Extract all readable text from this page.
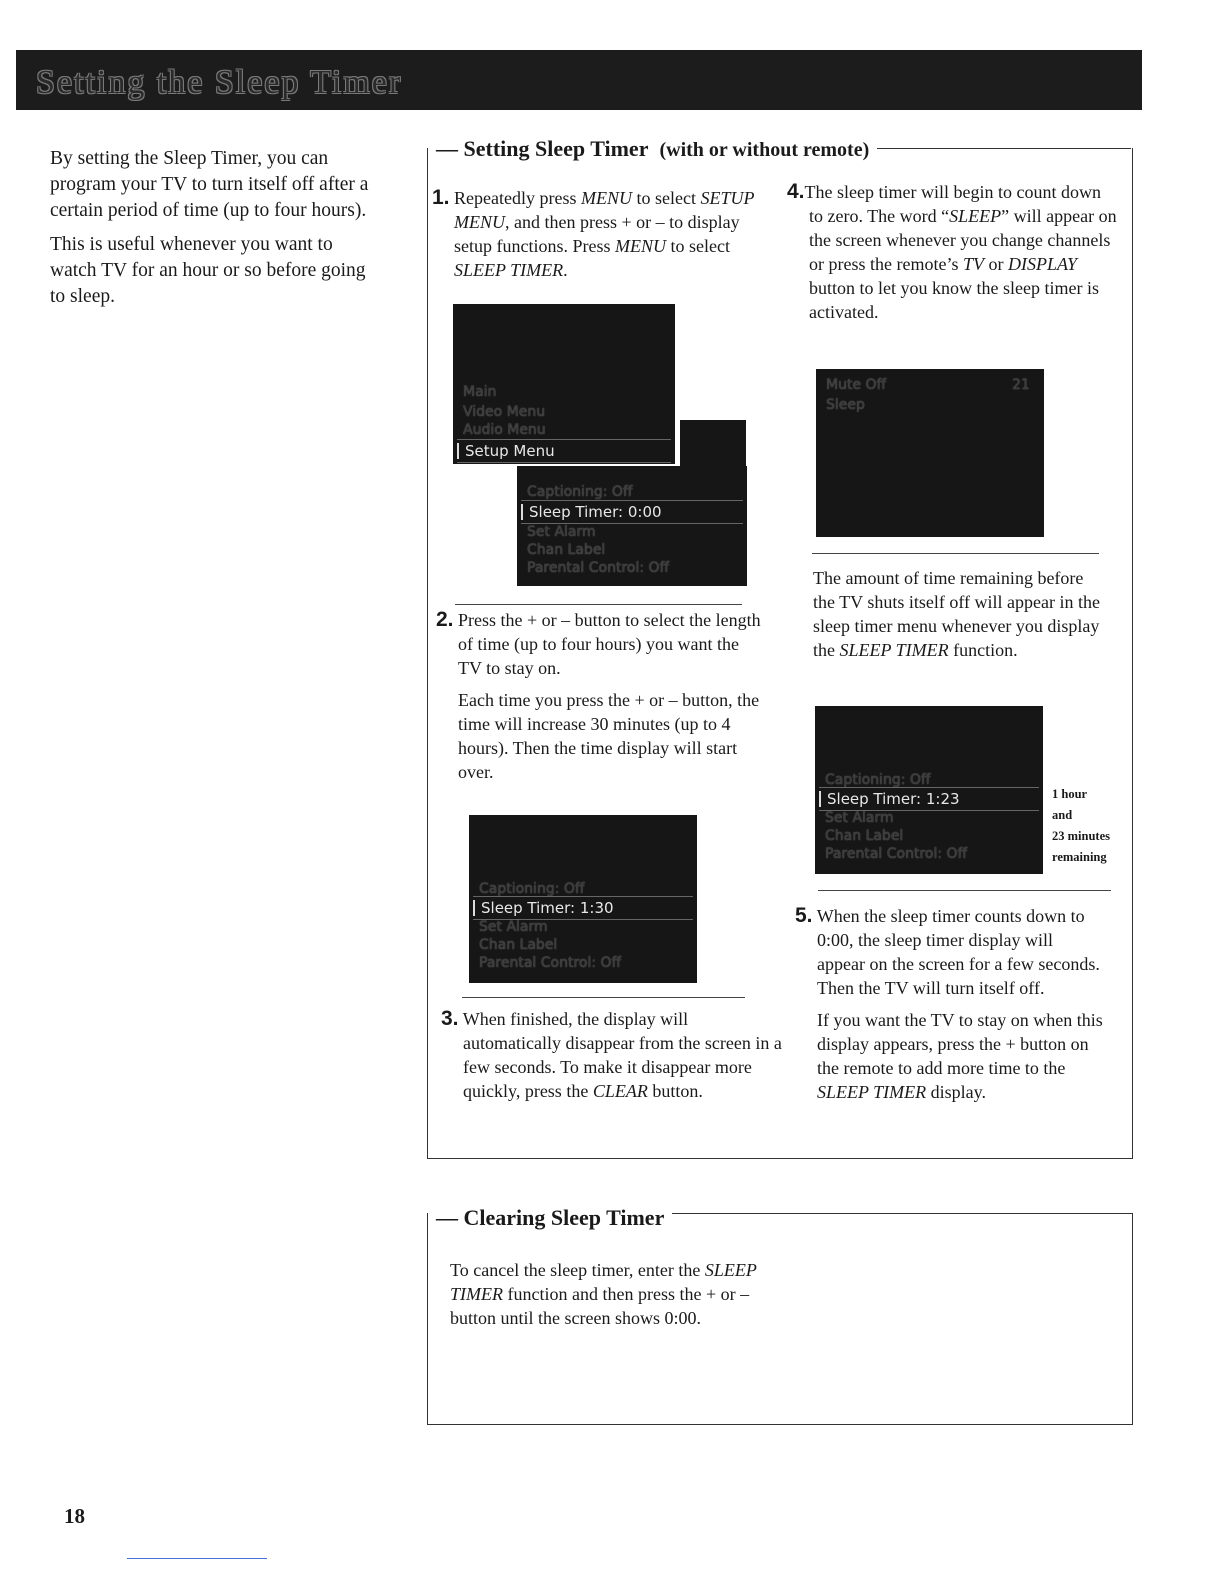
Setting the Sleep Timer

By setting the Sleep Timer, you can program your TV to turn itself off after a certain period of time (up to four hours).

This is useful whenever you want to watch TV for an hour or so before going to sleep.

— Setting Sleep Timer (with or without remote)
1. Repeatedly press MENU to select SETUP MENU, and then press + or – to display setup functions. Press MENU to select SLEEP TIMER.
Main
Video Menu
Audio Menu
Setup Menu
Captioning: Off
Sleep Timer: 0:00
Set Alarm
Chan Label
Parental Control: Off

2. Press the + or – button to select the length of time (up to four hours) you want the TV to stay on.

Each time you press the + or – button, the time will increase 30 minutes (up to 4 hours). Then the time display will start over.

Captioning: Off
Sleep Timer: 1:30
Set Alarm
Chan Label
Parental Control: Off
3. When finished, the display will automatically disappear from the screen in a few seconds. To make it disappear more quickly, press the CLEAR button.
4.The sleep timer will begin to count down to zero. The word “SLEEP” will appear on the screen whenever you change channels or press the remote’s TV or DISPLAY button to let you know the sleep timer is activated.
Mute Off	21
Sleep
The amount of time remaining before the TV shuts itself off will appear in the sleep timer menu whenever you display the SLEEP TIMER function.
Captioning: Off
Sleep Timer: 1:23
Set Alarm
Chan Label
Parental Control: Off
1 hour
and
23 minutes
remaining

5. When the sleep timer counts down to 0:00, the sleep timer display will appear on the screen for a few seconds. Then the TV will turn itself off.

If you want the TV to stay on when this display appears, press the + button on the remote to add more time to the SLEEP TIMER display.

— Clearing Sleep Timer
To cancel the sleep timer, enter the SLEEP TIMER function and then press the + or – button until the screen shows 0:00.
18
